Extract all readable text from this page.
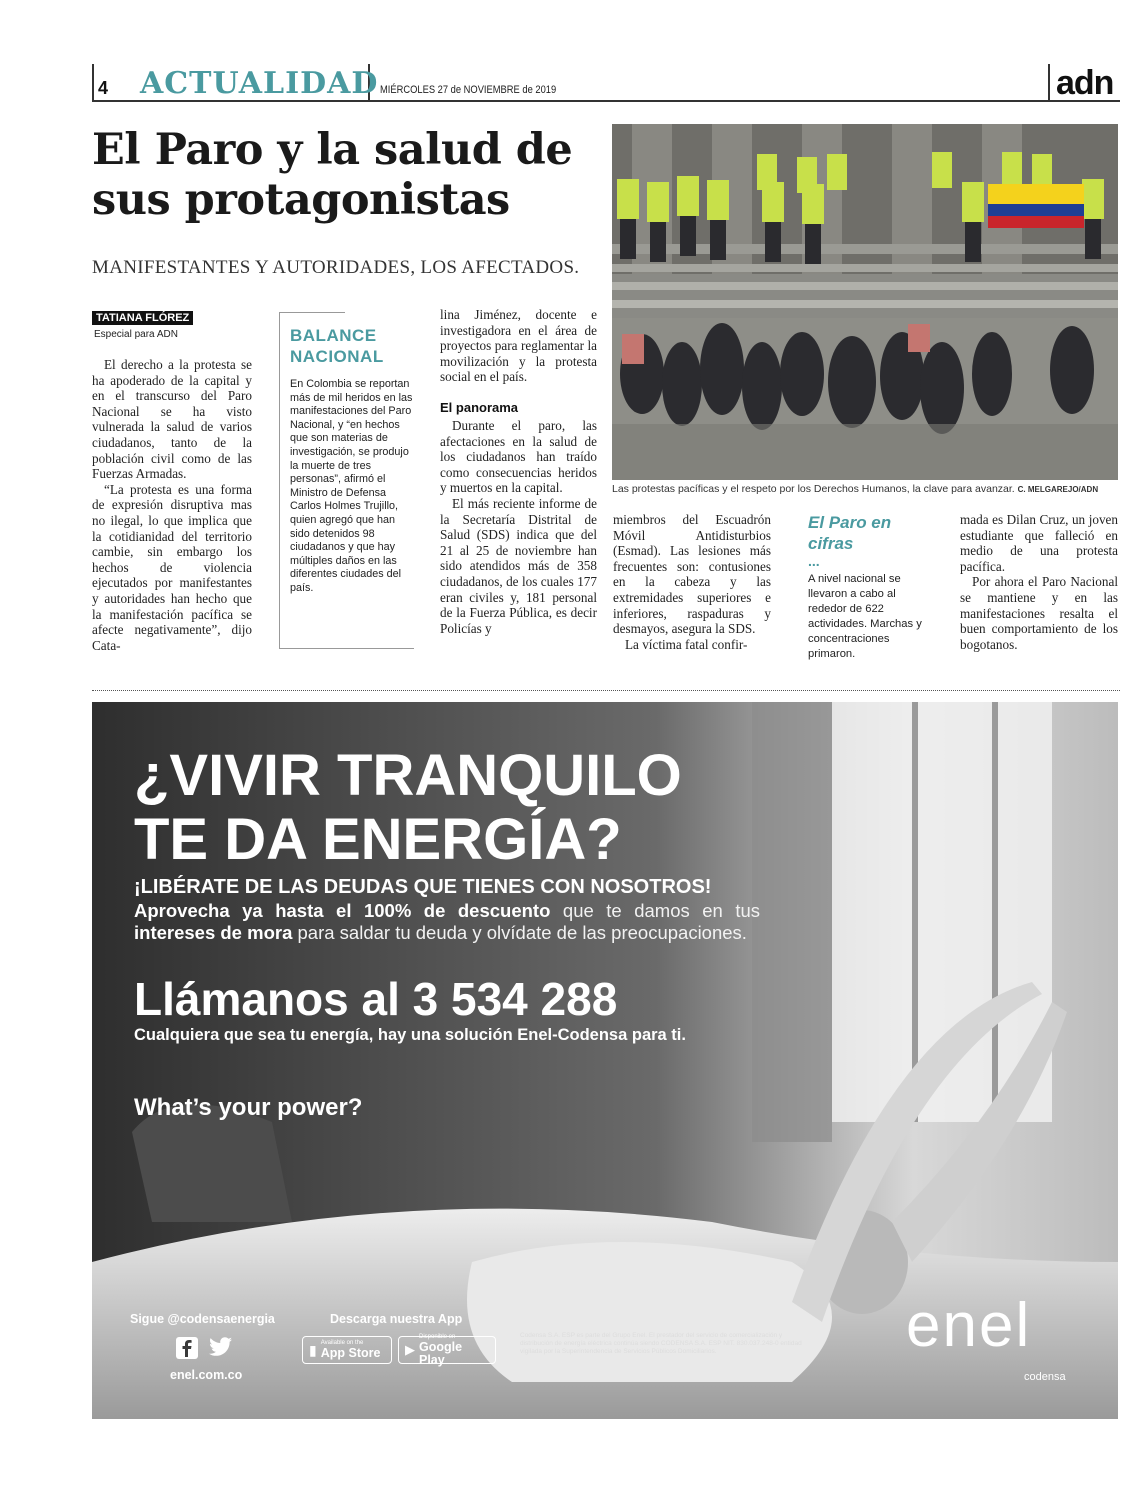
4 ACTUALIDAD MIÉRCOLES 27 de NOVIEMBRE de 2019	adn
El Paro y la salud de
sus protagonistas
MANIFESTANTES Y AUTORIDADES, LOS AFECTADOS.
TATIANA FLÓREZ
Especial para ADN

El derecho a la protesta se ha apoderado de la capital y en el transcurso del Paro Nacional se ha visto vulnerada la salud de varios ciudadanos, tanto de la población civil como de las Fuerzas Armadas.

“La protesta es una forma de expresión disruptiva mas no ilegal, lo que implica que la cotidianidad del territorio cambie, sin embargo los hechos de violencia ejecutados por manifestantes y autoridades han hecho que la manifestación pacífica se afecte negativamente”, dijo Cata-

BALANCE
NACIONAL
En Colombia se reportan más de mil heridos en las manifestaciones del Paro Nacional, y “en hechos que son materias de investigación, se produjo la muerte de tres personas”, afirmó el Ministro de Defensa Carlos Holmes Trujillo, quien agregó que han sido detenidos 98 ciudadanos y que hay múltiples daños en las diferentes ciudades del país.

lina Jiménez, docente e investigadora en el área de proyectos para reglamentar la movilización y la protesta social en el país.

El panorama

Durante el paro, las afectaciones en la salud de los ciudadanos han traído como consecuencias heridos y muertos en la capital.

El más reciente informe de la Secretaría Distrital de Salud (SDS) indica que del 21 al 25 de noviembre han sido atendidos más de 358 ciudadanos, de los cuales 177 eran civiles y, 181 personal de la Fuerza Pública, es decir Policías y

miembros del Escuadrón Móvil Antidisturbios (Esmad). Las lesiones más frecuentes son: contusiones en la cabeza y las extremidades superiores e inferiores, raspaduras y desmayos, asegura la SDS.

La víctima fatal confir-

El Paro en
cifras
...
A nivel nacional se llevaron a cabo al rededor de 622 actividades. Marchas y concentraciones primaron.

mada es Dilan Cruz, un joven estudiante que falleció en medio de una protesta pacífica.

Por ahora el Paro Nacional se mantiene y en las manifestaciones resalta el buen comportamiento de los bogotanos.

Las protestas pacíficas y el respeto por los Derechos Humanos, la clave para avanzar. C. MELGAREJO/ADN
¿VIVIR TRANQUILO
TE DA ENERGÍA?
¡LIBÉRATE DE LAS DEUDAS QUE TIENES CON NOSOTROS!
Aprovecha ya hasta el 100% de descuento que te damos en tus intereses de mora para saldar tu deuda y olvídate de las preocupaciones.
Llámanos al 3 534 288
Cualquiera que sea tu energía, hay una solución Enel-Codensa para ti.
What’s your power?
Sigue @codensaenergia	Descarga nuestra App
enel.com.co
▮ Available on the
App Store ▶
Disponible en
Google Play
Codensa S.A. ESP es parte del Grupo Enel. El prestador del servicio de comercialización y distribución de energía eléctrica continúa siendo CODENSA S.A. ESP NIT. 830.037.248-0 entidad vigilada por la Superintendencia de Servicios Públicos Domiciliarios.	enel
codensa
